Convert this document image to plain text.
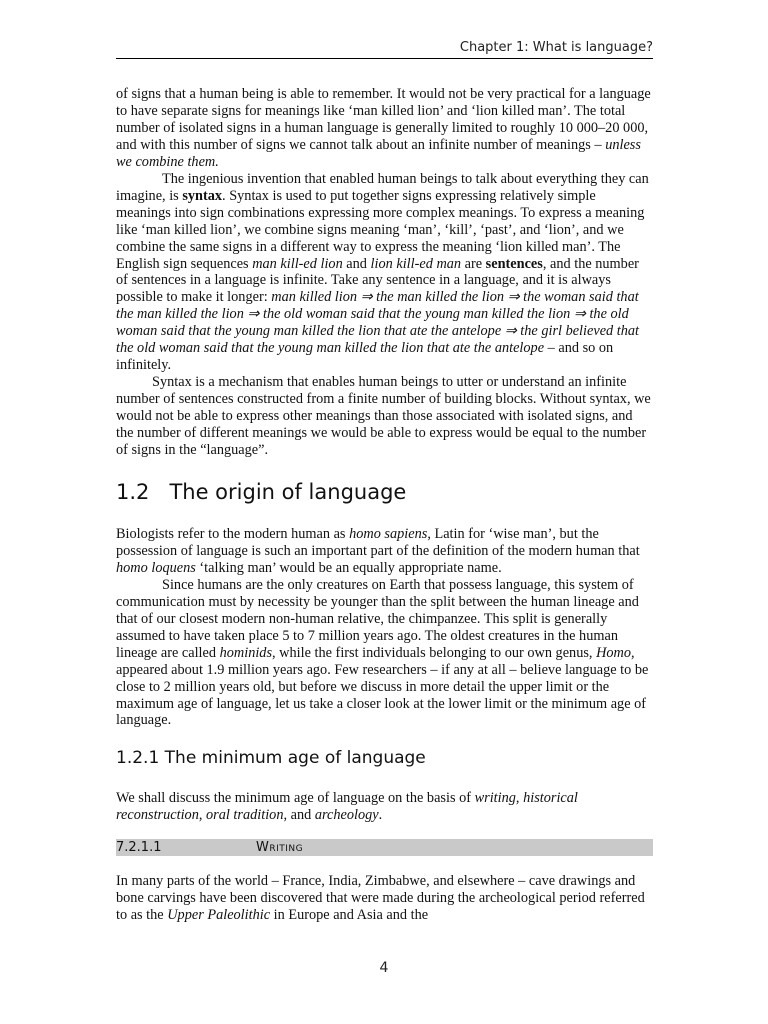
Chapter 1: What is language?

of signs that a human being is able to remember. It would not be very practical for a language to have separate signs for meanings like ‘man killed lion’ and ‘lion killed man’. The total number of isolated signs in a human language is generally limited to roughly 10 000–20 000, and with this number of signs we cannot talk about an infinite number of meanings – unless we combine them.

The ingenious invention that enabled human beings to talk about everything they can imagine, is syntax. Syntax is used to put together signs expressing relatively simple meanings into sign combinations expressing more complex meanings. To express a meaning like ‘man killed lion’, we combine signs meaning ‘man’, ‘kill’, ‘past’, and ‘lion’, and we combine the same signs in a different way to express the meaning ‘lion killed man’. The English sign sequences man kill-ed lion and lion kill-ed man are sentences, and the number of sentences in a language is infinite. Take any sentence in a language, and it is always possible to make it longer: man killed lion ⇒ the man killed the lion ⇒ the woman said that the man killed the lion ⇒ the old woman said that the young man killed the lion ⇒ the old woman said that the young man killed the lion that ate the antelope ⇒ the girl believed that the old woman said that the young man killed the lion that ate the antelope – and so on infinitely.

Syntax is a mechanism that enables human beings to utter or understand an infinite number of sentences constructed from a finite number of building blocks. Without syntax, we would not be able to express other meanings than those associated with isolated signs, and the number of different meanings we would be able to express would be equal to the number of signs in the “language”.

1.2 The origin of language

Biologists refer to the modern human as homo sapiens, Latin for ‘wise man’, but the possession of language is such an important part of the definition of the modern human that homo loquens ‘talking man’ would be an equally appropriate name.

Since humans are the only creatures on Earth that possess language, this system of communication must by necessity be younger than the split between the human lineage and that of our closest modern non-human relative, the chimpanzee. This split is generally assumed to have taken place 5 to 7 million years ago. The oldest creatures in the human lineage are called hominids, while the first individuals belonging to our own genus, Homo, appeared about 1.9 million years ago. Few researchers – if any at all – believe language to be close to 2 million years old, but before we discuss in more detail the upper limit or the maximum age of language, let us take a closer look at the lower limit or the minimum age of language.

1.2.1 The minimum age of language

We shall discuss the minimum age of language on the basis of writing, historical reconstruction, oral tradition, and archeology.

7.2.1.1	Writing

In many parts of the world – France, India, Zimbabwe, and elsewhere – cave drawings and bone carvings have been discovered that were made during the archeological period referred to as the Upper Paleolithic in Europe and Asia and the

4
